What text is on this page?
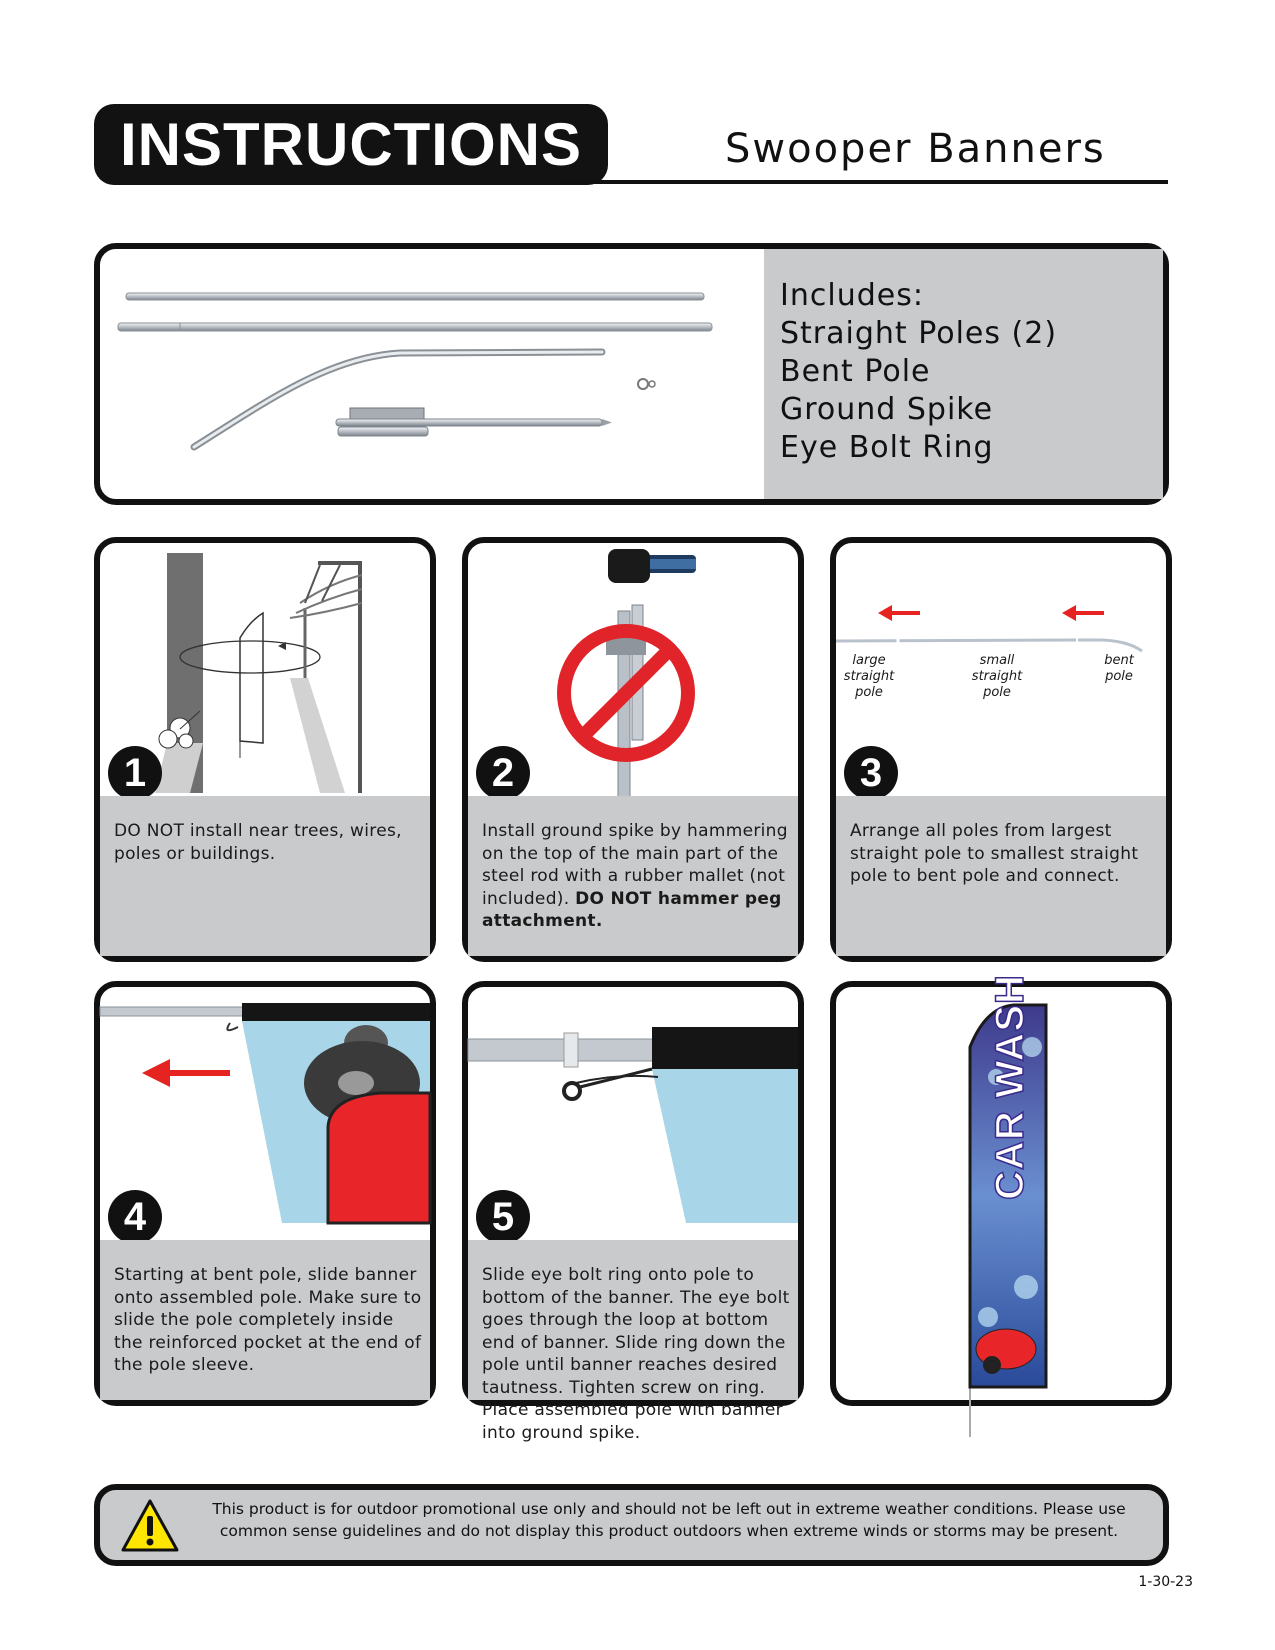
INSTRUCTIONS	Swooper Banners
Includes:
Straight Poles (2)
Bent Pole
Ground Spike
Eye Bolt Ring
1
DO NOT install near trees, wires, poles or buildings.
2
Install ground spike by hammering on the top of the main part of the steel rod with a rubber mallet (not included). DO NOT hammer peg attachment.
large straight pole
small straight pole
bent pole
3
Arrange all poles from largest straight pole to smallest straight pole to bent pole and connect.
4
Starting at bent pole, slide banner onto assembled pole. Make sure to slide the pole completely inside the reinforced pocket at the end of the pole sleeve.
5
Slide eye bolt ring onto pole to bottom of the banner. The eye bolt goes through the loop at bottom end of banner. Slide ring down the pole until banner reaches desired tautness. Tighten screw on ring. Place assembled pole with banner into ground spike.
CAR WASH
This product is for outdoor promotional use only and should not be left out in extreme weather conditions. Please use common sense guidelines and do not display this product outdoors when extreme winds or storms may be present.
1-30-23
